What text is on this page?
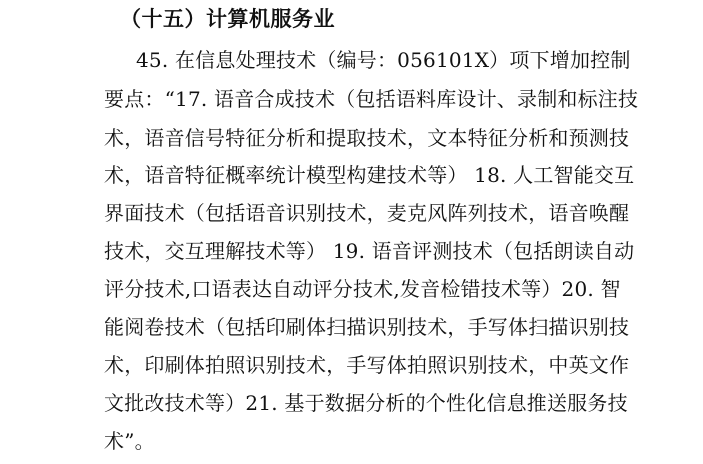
（十五）计算机服务业
45. 在信息处理技术（编号：056101X）项下增加控制
要点：“17. 语音合成技术（包括语料库设计、录制和标注技
术，语音信号特征分析和提取技术，文本特征分析和预测技
术，语音特征概率统计模型构建技术等） 18. 人工智能交互
界面技术（包括语音识别技术，麦克风阵列技术，语音唤醒
技术，交互理解技术等） 19. 语音评测技术（包括朗读自动
评分技术,口语表达自动评分技术,发音检错技术等）20. 智
能阅卷技术（包括印刷体扫描识别技术，手写体扫描识别技
术，印刷体拍照识别技术，手写体拍照识别技术，中英文作
文批改技术等）21. 基于数据分析的个性化信息推送服务技
术”。
